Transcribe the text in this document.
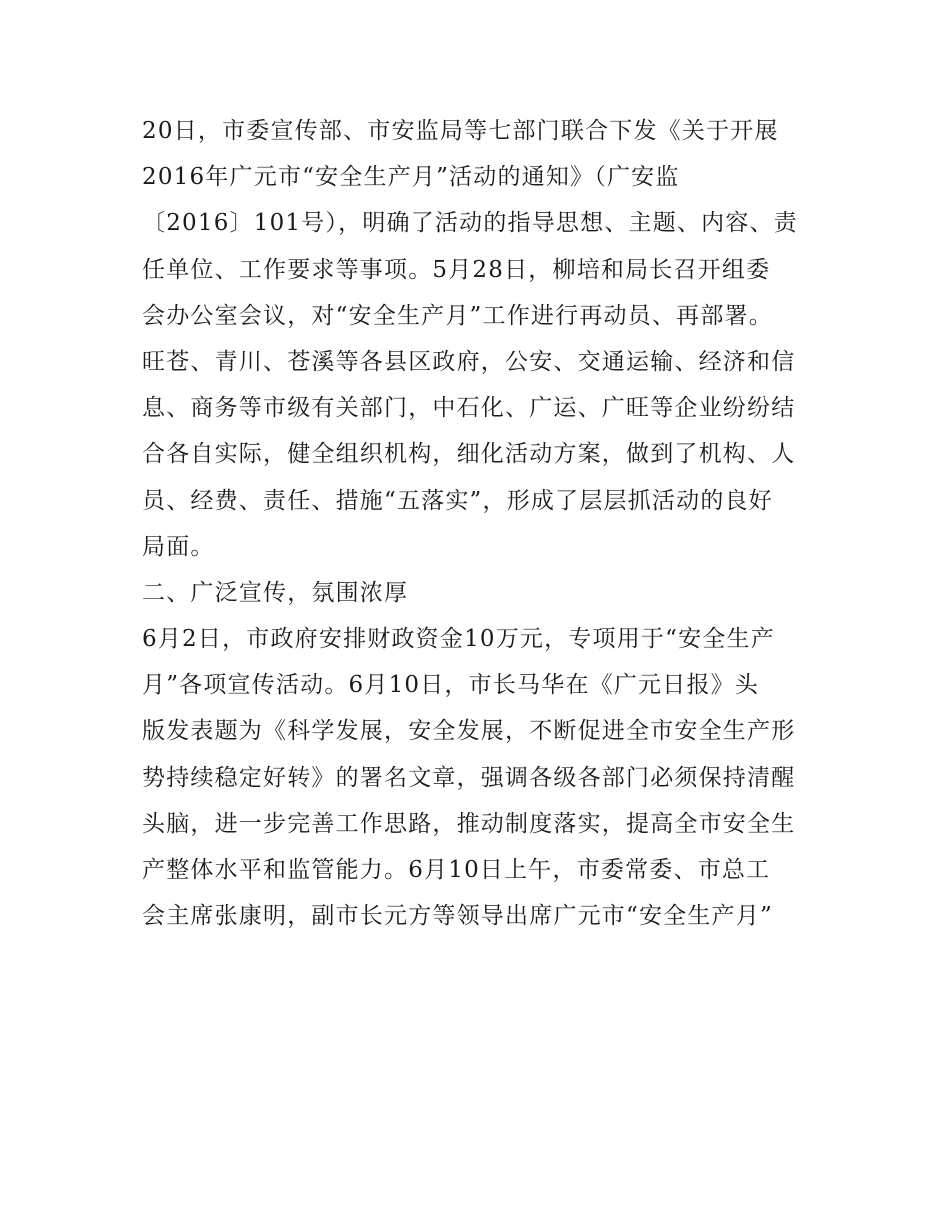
20日，市委宣传部、市安监局等七部门联合下发《关于开展
2016年广元市“安全生产月”活动的通知》（广安监
〔2016〕101号），明确了活动的指导思想、主题、内容、责
任单位、工作要求等事项。5月28日，柳培和局长召开组委
会办公室会议，对“安全生产月”工作进行再动员、再部署。
旺苍、青川、苍溪等各县区政府，公安、交通运输、经济和信
息、商务等市级有关部门，中石化、广运、广旺等企业纷纷结
合各自实际，健全组织机构，细化活动方案，做到了机构、人
员、经费、责任、措施“五落实”，形成了层层抓活动的良好
局面。
二、广泛宣传，氛围浓厚
6月2日，市政府安排财政资金10万元，专项用于“安全生产
月”各项宣传活动。6月10日，市长马华在《广元日报》头
版发表题为《科学发展，安全发展，不断促进全市安全生产形
势持续稳定好转》的署名文章，强调各级各部门必须保持清醒
头脑，进一步完善工作思路，推动制度落实，提高全市安全生
产整体水平和监管能力。6月10日上午，市委常委、市总工
会主席张康明，副市长元方等领导出席广元市“安全生产月”
